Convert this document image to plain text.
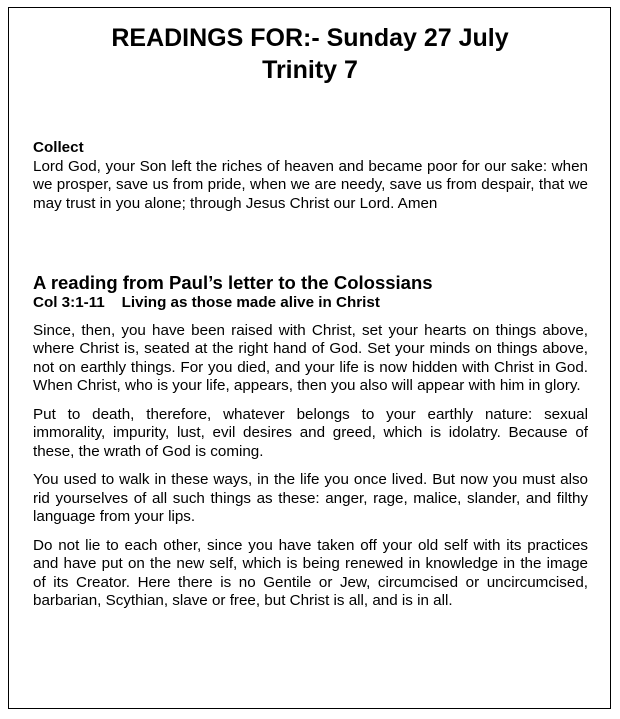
READINGS FOR:- Sunday 27 July
Trinity 7

Collect

Lord God, your Son left the riches of heaven and became poor for our sake: when we prosper, save us from pride, when we are needy, save us from despair, that we may trust in you alone; through Jesus Christ our Lord. Amen

A reading from Paul’s letter to the Colossians

Col 3:1-11    Living as those made alive in Christ

Since, then, you have been raised with Christ, set your hearts on things above, where Christ is, seated at the right hand of God. Set your minds on things above, not on earthly things. For you died, and your life is now hidden with Christ in God. When Christ, who is your life, appears, then you also will appear with him in glory.

Put to death, therefore, whatever belongs to your earthly nature: sexual immorality, impurity, lust, evil desires and greed, which is idolatry. Because of these, the wrath of God is coming.

You used to walk in these ways, in the life you once lived. But now you must also rid yourselves of all such things as these: anger, rage, malice, slander, and filthy language from your lips.

Do not lie to each other, since you have taken off your old self with its practices and have put on the new self, which is being renewed in knowledge in the image of its Creator. Here there is no Gentile or Jew, circumcised or uncircumcised, barbarian, Scythian, slave or free, but Christ is all, and is in all.
